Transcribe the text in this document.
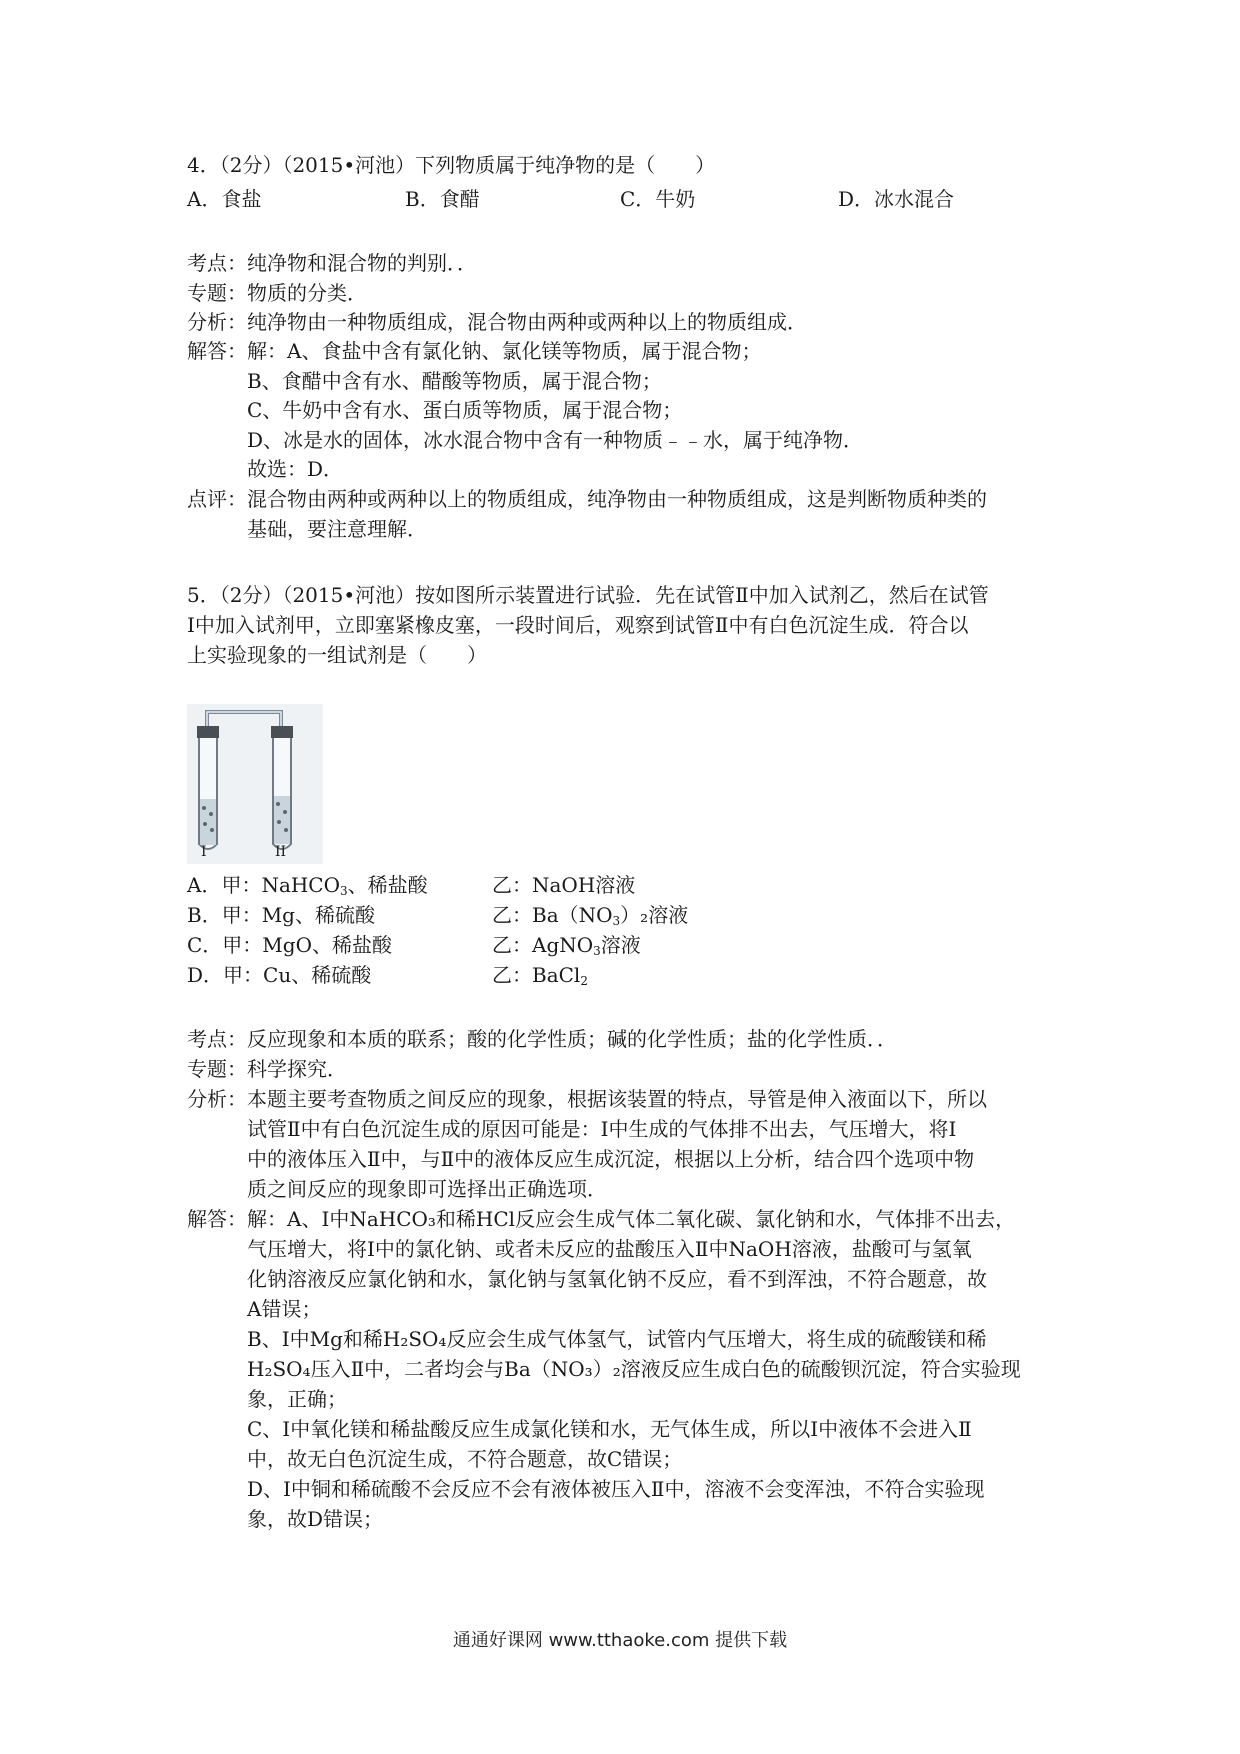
4．（2分）（2015•河池）下列物质属于纯净物的是（　　）
A．食盐	B．食醋	C．牛奶	D．冰水混合
考点：纯净物和混合物的判别．．
专题：物质的分类．
分析：纯净物由一种物质组成，混合物由两种或两种以上的物质组成．
解答：解：A、食盐中含有氯化钠、氯化镁等物质，属于混合物；
B、食醋中含有水、醋酸等物质，属于混合物；
C、牛奶中含有水、蛋白质等物质，属于混合物；
D、冰是水的固体，冰水混合物中含有一种物质﹣﹣水，属于纯净物．
故选：D．
点评：混合物由两种或两种以上的物质组成，纯净物由一种物质组成，这是判断物质种类的
基础，要注意理解．
5．（2分）（2015•河池）按如图所示装置进行试验．先在试管Ⅱ中加入试剂乙，然后在试管
Ⅰ中加入试剂甲，立即塞紧橡皮塞，一段时间后，观察到试管Ⅱ中有白色沉淀生成．符合以
上实验现象的一组试剂是（　　）
I	II
A．甲：NaHCO$_3$、稀盐酸	乙：NaOH溶液
B．甲：Mg、稀硫酸	乙：$Ba(NO_3)_2$溶液
C．甲：MgO、稀盐酸	乙：AgNO$_3$溶液
D．甲：Cu、稀硫酸	乙：BaCl$_2$
考点：反应现象和本质的联系；酸的化学性质；碱的化学性质；盐的化学性质．．
专题：科学探究．
分析：本题主要考查物质之间反应的现象，根据该装置的特点，导管是伸入液面以下，所以
试管Ⅱ中有白色沉淀生成的原因可能是：Ⅰ中生成的气体排不出去，气压增大，将Ⅰ
中的液体压入Ⅱ中，与Ⅱ中的液体反应生成沉淀，根据以上分析，结合四个选项中物
质之间反应的现象即可选择出正确选项．
解答：解：A、Ⅰ中NaHCO₃和稀HCl反应会生成气体二氧化碳、氯化钠和水，气体排不出去，
气压增大，将Ⅰ中的氯化钠、或者未反应的盐酸压入Ⅱ中NaOH溶液，盐酸可与氢氧
化钠溶液反应氯化钠和水，氯化钠与氢氧化钠不反应，看不到浑浊，不符合题意，故
A错误；
B、Ⅰ中Mg和稀H₂SO₄反应会生成气体氢气，试管内气压增大，将生成的硫酸镁和稀
H₂SO₄压入Ⅱ中，二者均会与Ba（NO₃）₂溶液反应生成白色的硫酸钡沉淀，符合实验现
象，正确；
C、Ⅰ中氧化镁和稀盐酸反应生成氯化镁和水，无气体生成，所以Ⅰ中液体不会进入Ⅱ
中，故无白色沉淀生成，不符合题意，故C错误；
D、Ⅰ中铜和稀硫酸不会反应不会有液体被压入Ⅱ中，溶液不会变浑浊，不符合实验现
象，故D错误；
通通好课网 www.tthaoke.com 提供下载
